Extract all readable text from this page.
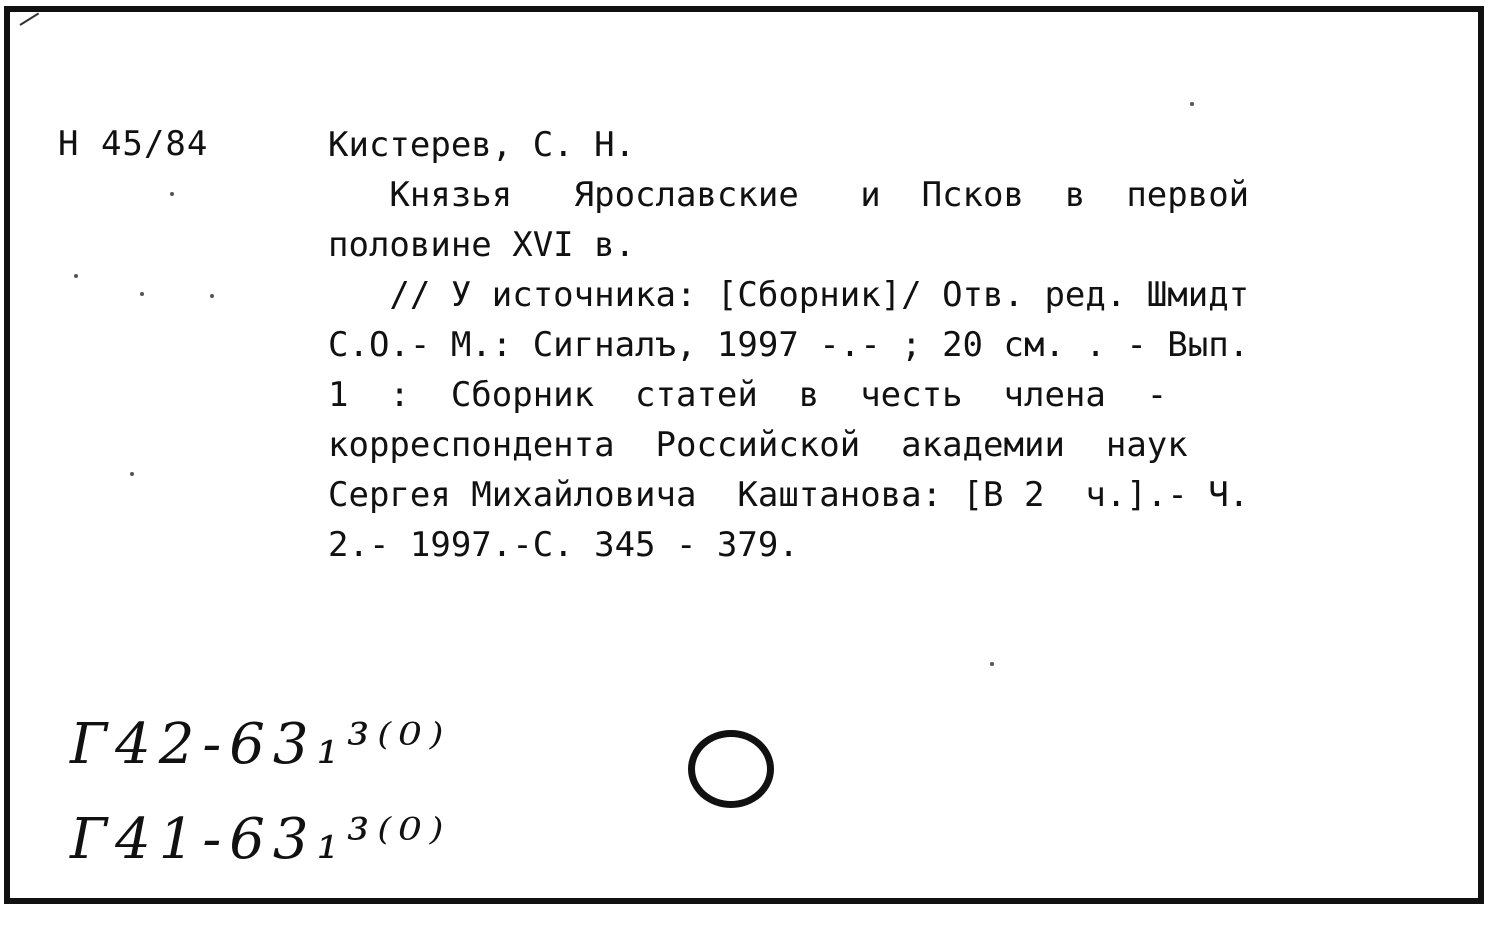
Н 45/84	Кистерев, С. Н.

Князья   Ярославские   и  Псков  в  первой

половине XVI в.

// У источника: [Сборник]/ Отв. ред. Шмидт

С.О.- М.: Сигналъ, 1997 -.- ; 20 см. . - Вып.

1  :  Сборник  статей  в  честь  члена  -

корреспондента  Российской  академии  наук

Сергея Михайловича  Каштанова: [В 2  ч.].- Ч.

2.- 1997.-С. 345 - 379.

Г42-63₁³⁽⁰⁾
Г41-63₁³⁽⁰⁾
